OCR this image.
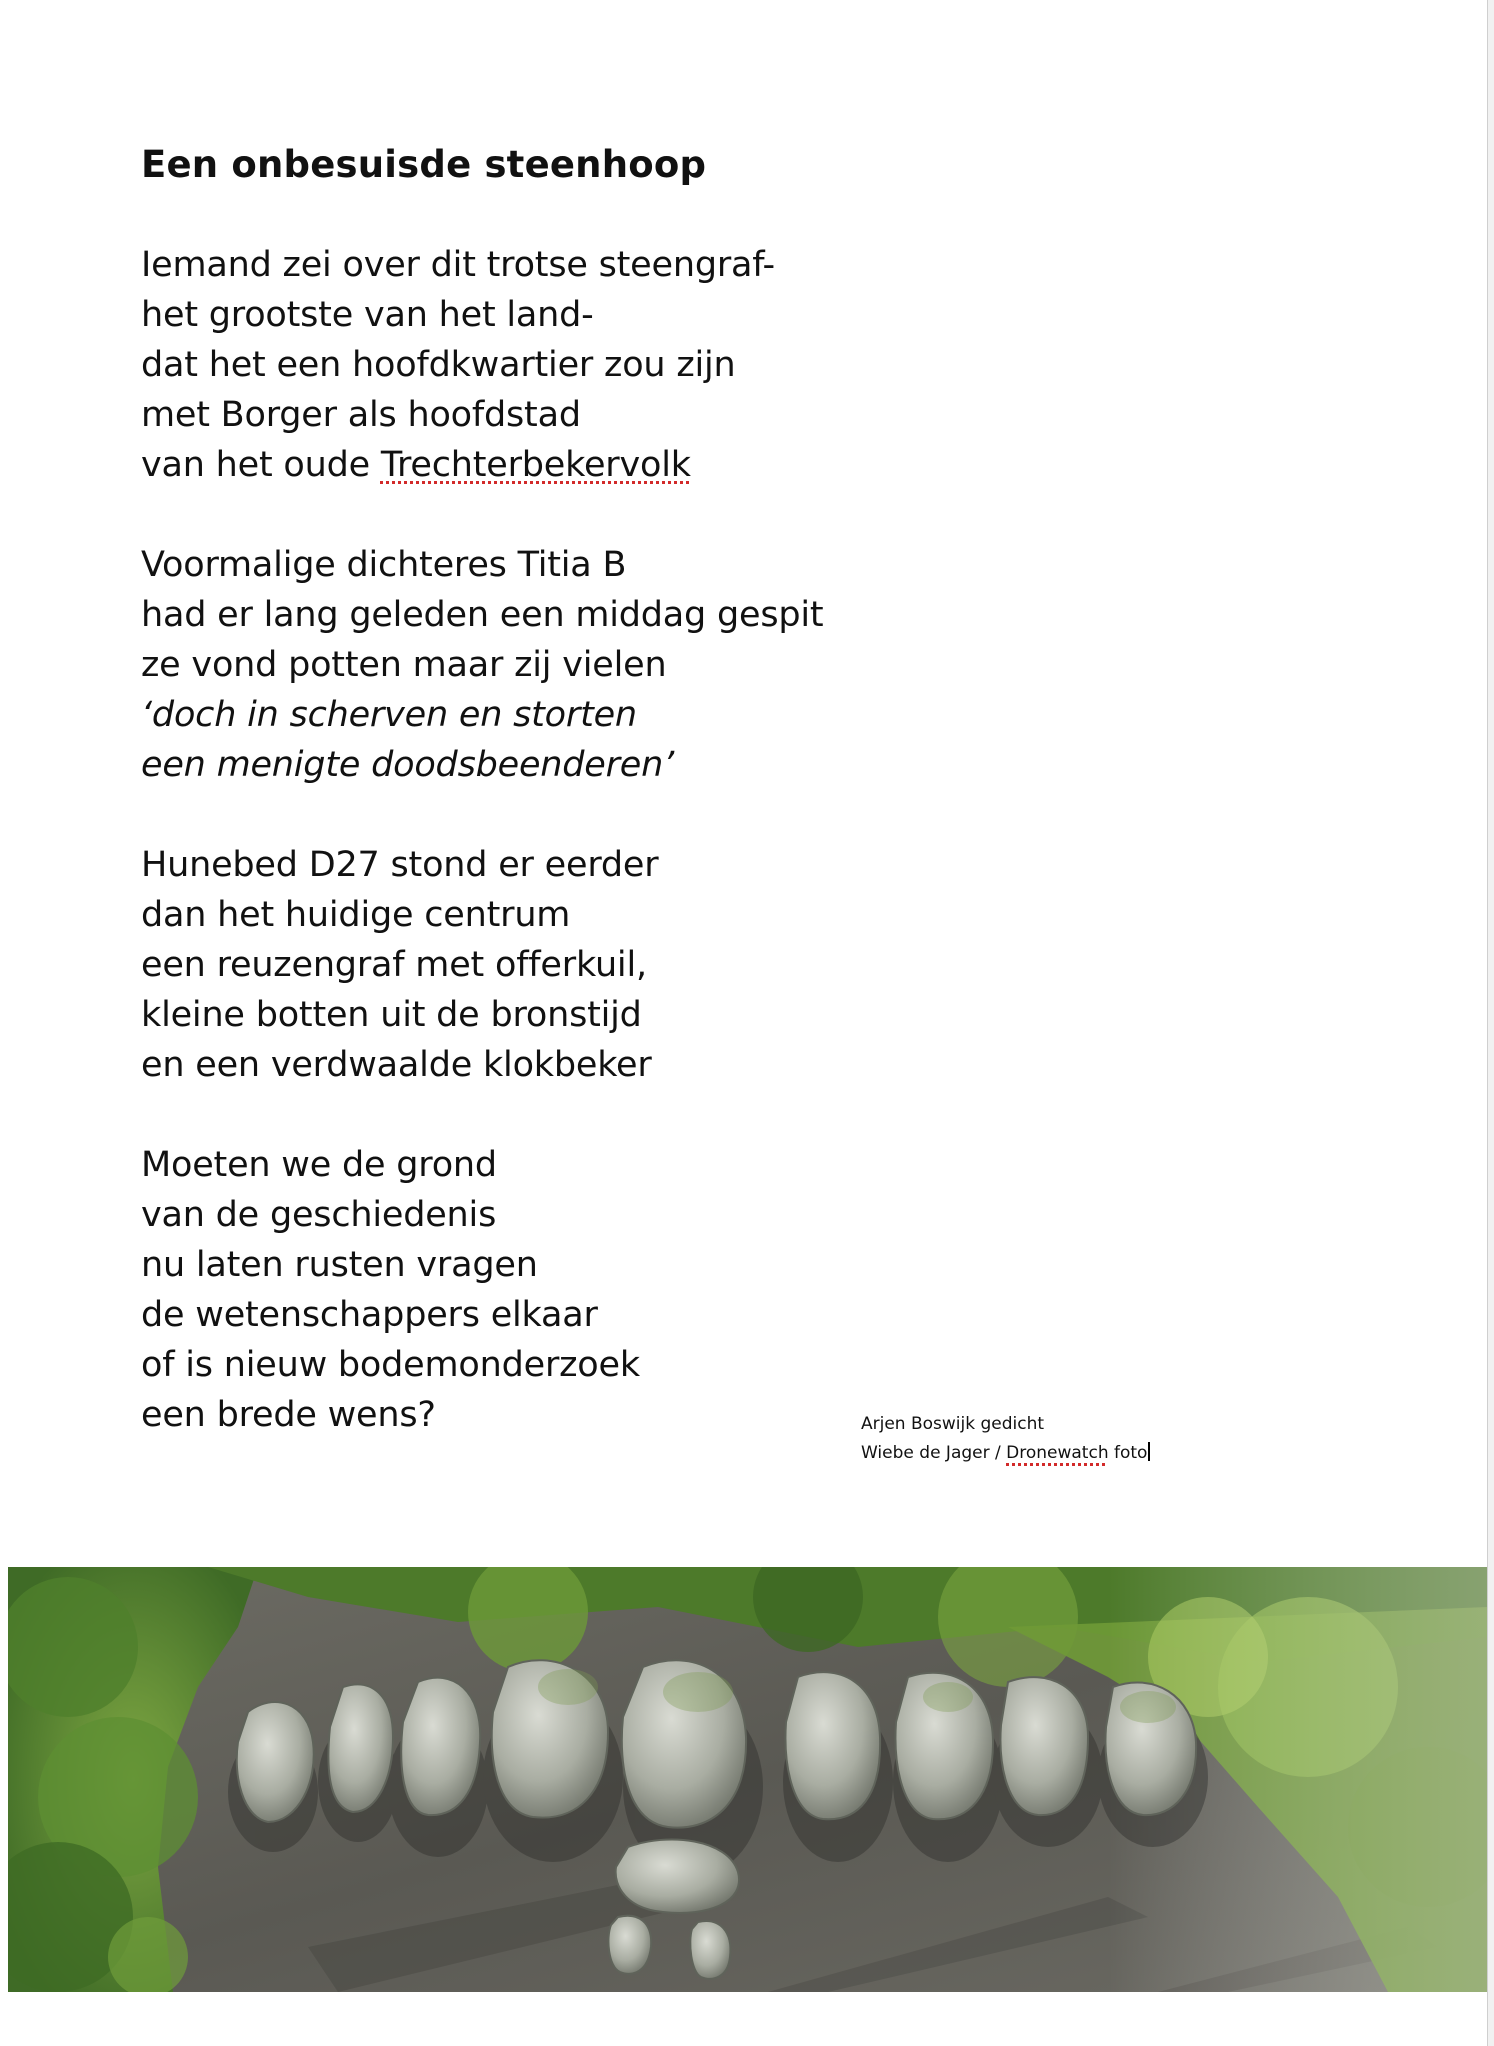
Een onbesuisde steenhoop
Iemand zei over dit trotse steengraf-
het grootste van het land-
dat het een hoofdkwartier zou zijn
met Borger als hoofdstad
van het oude Trechterbekervolk
Voormalige dichteres Titia B
had er lang geleden een middag gespit
ze vond potten maar zij vielen
‘doch in scherven en storten
een menigte doodsbeenderen’
Hunebed D27 stond er eerder
dan het huidige centrum
een reuzengraf met offerkuil,
kleine botten uit de bronstijd
en een verdwaalde klokbeker
Moeten we de grond
van de geschiedenis
nu laten rusten vragen
de wetenschappers elkaar
of is nieuw bodemonderzoek
een brede wens?	Arjen Boswijk gedicht
Wiebe de Jager / Dronewatch foto
